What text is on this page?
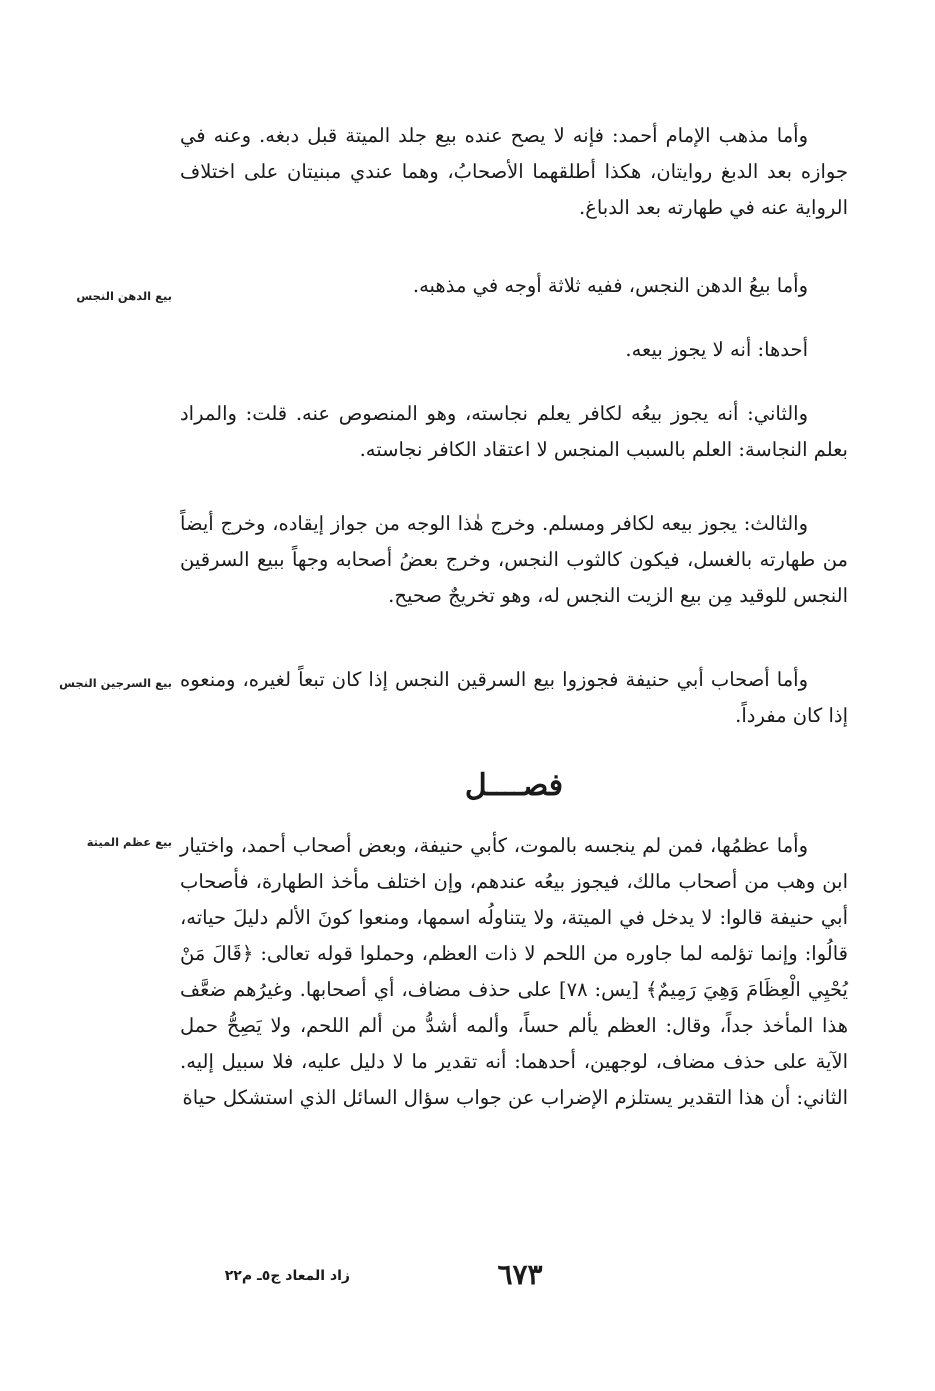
وأما مذهب الإمام أحمد: فإنه لا يصح عنده بيع جلد الميتة قبل دبغه. وعنه في جوازه بعد الدبغ روايتان، هكذا أطلقهما الأصحابُ، وهما عندي مبنيتان على اختلاف الرواية عنه في طهارته بعد الدباغ.

وأما بيعُ الدهن النجس، ففيه ثلاثة أوجه في مذهبه.

بيع الدهن النجس

أحدها: أنه لا يجوز بيعه.

والثاني: أنه يجوز بيعُه لكافر يعلم نجاسته، وهو المنصوص عنه. قلت: والمراد بعلم النجاسة: العلم بالسبب المنجس لا اعتقاد الكافر نجاسته.

والثالث: يجوز بيعه لكافر ومسلم. وخرج هٰذا الوجه من جواز إيقاده، وخرج أيضاً من طهارته بالغسل، فيكون كالثوب النجس، وخرج بعضُ أصحابه وجهاً ببيع السرقين النجس للوقيد مِن بيع الزيت النجس له، وهو تخريجٌ صحيح.

وأما أصحاب أبي حنيفة فجوزوا بيع السرقين النجس إذا كان تبعاً لغيره، ومنعوه إذا كان مفرداً.

بيع السرجين النجس
فصــــل

وأما عظمُها، فمن لم ينجسه بالموت، كأبي حنيفة، وبعض أصحاب أحمد، واختيار ابن وهب من أصحاب مالك، فيجوز بيعُه عندهم، وإن اختلف مأخذ الطهارة، فأصحاب أبي حنيفة قالوا: لا يدخل في الميتة، ولا يتناولُه اسمها، ومنعوا كونَ الألم دليلَ حياته، قالُوا: وإنما تؤلمه لما جاوره من اللحم لا ذات العظم، وحملوا قوله تعالى: ﴿قَالَ مَنْ يُحْيِي الْعِظَامَ وَهِيَ رَمِيمٌ﴾ [يس: ٧٨] على حذف مضاف، أي أصحابها. وغيرُهم ضعَّف هذا المأخذ جداً، وقال: العظم يألم حساً، وألمه أشدُّ من ألم اللحم، ولا يَصِحُّ حمل الآية على حذف مضاف، لوجهين، أحدهما: أنه تقدير ما لا دليل عليه، فلا سبيل إليه. الثاني: أن هذا التقدير يستلزم الإضراب عن جواب سؤال السائل الذي استشكل حياة

بيع عظم الميتة
٦٧٣
زاد المعاد ج٥ـ م٢٢
